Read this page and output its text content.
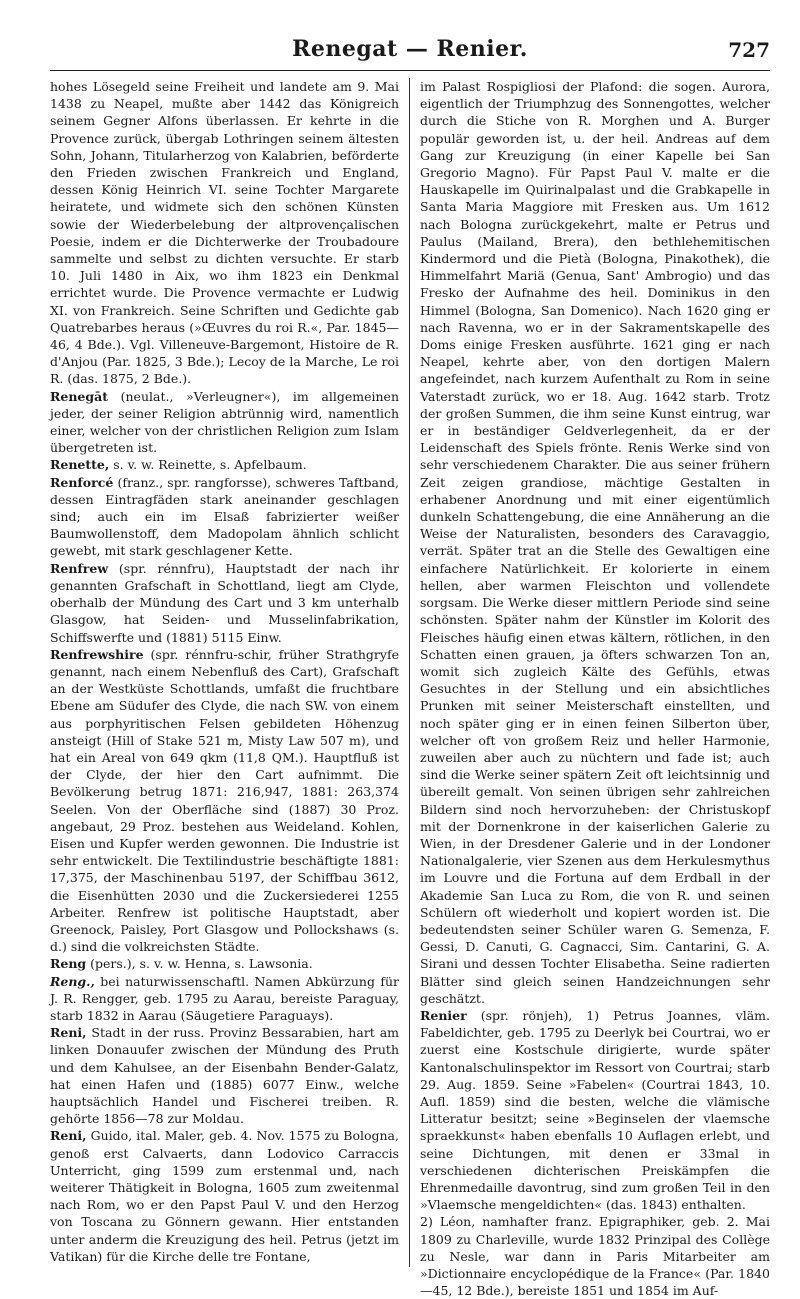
Renegat — Renier.	727

hohes Lösegeld seine Freiheit und landete am 9. Mai 1438 zu Neapel, mußte aber 1442 das Königreich seinem Gegner Alfons überlassen. Er kehrte in die Provence zurück, übergab Lothringen seinem ältesten Sohn, Johann, Titularherzog von Kalabrien, beförderte den Frieden zwischen Frankreich und England, dessen König Heinrich VI. seine Tochter Margarete heiratete, und widmete sich den schönen Künsten sowie der Wiederbelebung der altprovençalischen Poesie, indem er die Dichterwerke der Troubadoure sammelte und selbst zu dichten versuchte. Er starb 10. Juli 1480 in Aix, wo ihm 1823 ein Denkmal errichtet wurde. Die Provence vermachte er Ludwig XI. von Frankreich. Seine Schriften und Gedichte gab Quatrebarbes heraus (»Œuvres du roi R.«, Par. 1845—46, 4 Bde.). Vgl. Villeneuve-Bargemont, Histoire de R. d'Anjou (Par. 1825, 3 Bde.); Lecoy de la Marche, Le roi R. (das. 1875, 2 Bde.).

Renegāt (neulat., »Verleugner«), im allgemeinen jeder, der seiner Religion abtrünnig wird, namentlich einer, welcher von der christlichen Religion zum Islam übergetreten ist.

Renette, s. v. w. Reinette, s. Apfelbaum.

Renforcé (franz., spr. rangforsse), schweres Taftband, dessen Eintragfäden stark aneinander geschlagen sind; auch ein im Elsaß fabrizierter weißer Baumwollenstoff, dem Madopolam ähnlich schlicht gewebt, mit stark geschlagener Kette.

Renfrew (spr. rénnfru), Hauptstadt der nach ihr genannten Grafschaft in Schottland, liegt am Clyde, oberhalb der Mündung des Cart und 3 km unterhalb Glasgow, hat Seiden- und Musselinfabrikation, Schiffswerfte und (1881) 5115 Einw.

Renfrewshire (spr. rénnfru-schir, früher Strathgryfe genannt, nach einem Nebenfluß des Cart), Grafschaft an der Westküste Schottlands, umfaßt die fruchtbare Ebene am Südufer des Clyde, die nach SW. von einem aus porphyritischen Felsen gebildeten Höhenzug ansteigt (Hill of Stake 521 m, Misty Law 507 m), und hat ein Areal von 649 qkm (11,8 QM.). Hauptfluß ist der Clyde, der hier den Cart aufnimmt. Die Bevölkerung betrug 1871: 216,947, 1881: 263,374 Seelen. Von der Oberfläche sind (1887) 30 Proz. angebaut, 29 Proz. bestehen aus Weideland. Kohlen, Eisen und Kupfer werden gewonnen. Die Industrie ist sehr entwickelt. Die Textilindustrie beschäftigte 1881: 17,375, der Maschinenbau 5197, der Schiffbau 3612, die Eisenhütten 2030 und die Zuckersiederei 1255 Arbeiter. Renfrew ist politische Hauptstadt, aber Greenock, Paisley, Port Glasgow und Pollockshaws (s. d.) sind die volkreichsten Städte.

Reng (pers.), s. v. w. Henna, s. Lawsonia.

Reng., bei naturwissenschaftl. Namen Abkürzung für J. R. Rengger, geb. 1795 zu Aarau, bereiste Paraguay, starb 1832 in Aarau (Säugetiere Paraguays).

Reni, Stadt in der russ. Provinz Bessarabien, hart am linken Donauufer zwischen der Mündung des Pruth und dem Kahulsee, an der Eisenbahn Bender-Galatz, hat einen Hafen und (1885) 6077 Einw., welche hauptsächlich Handel und Fischerei treiben. R. gehörte 1856—78 zur Moldau.

Reni, Guido, ital. Maler, geb. 4. Nov. 1575 zu Bologna, genoß erst Calvaerts, dann Lodovico Carraccis Unterricht, ging 1599 zum erstenmal und, nach weiterer Thätigkeit in Bologna, 1605 zum zweitenmal nach Rom, wo er den Papst Paul V. und den Herzog von Toscana zu Gönnern gewann. Hier entstanden unter anderm die Kreuzigung des heil. Petrus (jetzt im Vatikan) für die Kirche delle tre Fontane,

im Palast Rospigliosi der Plafond: die sogen. Aurora, eigentlich der Triumphzug des Sonnengottes, welcher durch die Stiche von R. Morghen und A. Burger populär geworden ist, u. der heil. Andreas auf dem Gang zur Kreuzigung (in einer Kapelle bei San Gregorio Magno). Für Papst Paul V. malte er die Hauskapelle im Quirinalpalast und die Grabkapelle in Santa Maria Maggiore mit Fresken aus. Um 1612 nach Bologna zurückgekehrt, malte er Petrus und Paulus (Mailand, Brera), den bethlehemitischen Kindermord und die Pietà (Bologna, Pinakothek), die Himmelfahrt Mariä (Genua, Sant' Ambrogio) und das Fresko der Aufnahme des heil. Dominikus in den Himmel (Bologna, San Domenico). Nach 1620 ging er nach Ravenna, wo er in der Sakramentskapelle des Doms einige Fresken ausführte. 1621 ging er nach Neapel, kehrte aber, von den dortigen Malern angefeindet, nach kurzem Aufenthalt zu Rom in seine Vaterstadt zurück, wo er 18. Aug. 1642 starb. Trotz der großen Summen, die ihm seine Kunst eintrug, war er in beständiger Geldverlegenheit, da er der Leidenschaft des Spiels frönte. Renis Werke sind von sehr verschiedenem Charakter. Die aus seiner frühern Zeit zeigen grandiose, mächtige Gestalten in erhabener Anordnung und mit einer eigentümlich dunkeln Schattengebung, die eine Annäherung an die Weise der Naturalisten, besonders des Caravaggio, verrät. Später trat an die Stelle des Gewaltigen eine einfachere Natürlichkeit. Er kolorierte in einem hellen, aber warmen Fleischton und vollendete sorgsam. Die Werke dieser mittlern Periode sind seine schönsten. Später nahm der Künstler im Kolorit des Fleisches häufig einen etwas kältern, rötlichen, in den Schatten einen grauen, ja öfters schwarzen Ton an, womit sich zugleich Kälte des Gefühls, etwas Gesuchtes in der Stellung und ein absichtliches Prunken mit seiner Meisterschaft einstellten, und noch später ging er in einen feinen Silberton über, welcher oft von großem Reiz und heller Harmonie, zuweilen aber auch zu nüchtern und fade ist; auch sind die Werke seiner spätern Zeit oft leichtsinnig und übereilt gemalt. Von seinen übrigen sehr zahlreichen Bildern sind noch hervorzuheben: der Christuskopf mit der Dornenkrone in der kaiserlichen Galerie zu Wien, in der Dresdener Galerie und in der Londoner Nationalgalerie, vier Szenen aus dem Herkulesmythus im Louvre und die Fortuna auf dem Erdball in der Akademie San Luca zu Rom, die von R. und seinen Schülern oft wiederholt und kopiert worden ist. Die bedeutendsten seiner Schüler waren G. Semenza, F. Gessi, D. Canuti, G. Cagnacci, Sim. Cantarini, G. A. Sirani und dessen Tochter Elisabetha. Seine radierten Blätter sind gleich seinen Handzeichnungen sehr geschätzt.

Renier (spr. rönjeh), 1) Petrus Joannes, vläm. Fabeldichter, geb. 1795 zu Deerlyk bei Courtrai, wo er zuerst eine Kostschule dirigierte, wurde später Kantonalschulinspektor im Ressort von Courtrai; starb 29. Aug. 1859. Seine »Fabelen« (Courtrai 1843, 10. Aufl. 1859) sind die besten, welche die vlämische Litteratur besitzt; seine »Beginselen der vlaemsche spraekkunst« haben ebenfalls 10 Auflagen erlebt, und seine Dichtungen, mit denen er 33mal in verschiedenen dichterischen Preiskämpfen die Ehrenmedaille davontrug, sind zum großen Teil in den »Vlaemsche mengeldichten« (das. 1843) enthalten.

2) Léon, namhafter franz. Epigraphiker, geb. 2. Mai 1809 zu Charleville, wurde 1832 Prinzipal des Collège zu Nesle, war dann in Paris Mitarbeiter am »Dictionnaire encyclopédique de la France« (Par. 1840—45, 12 Bde.), bereiste 1851 und 1854 im Auf-
